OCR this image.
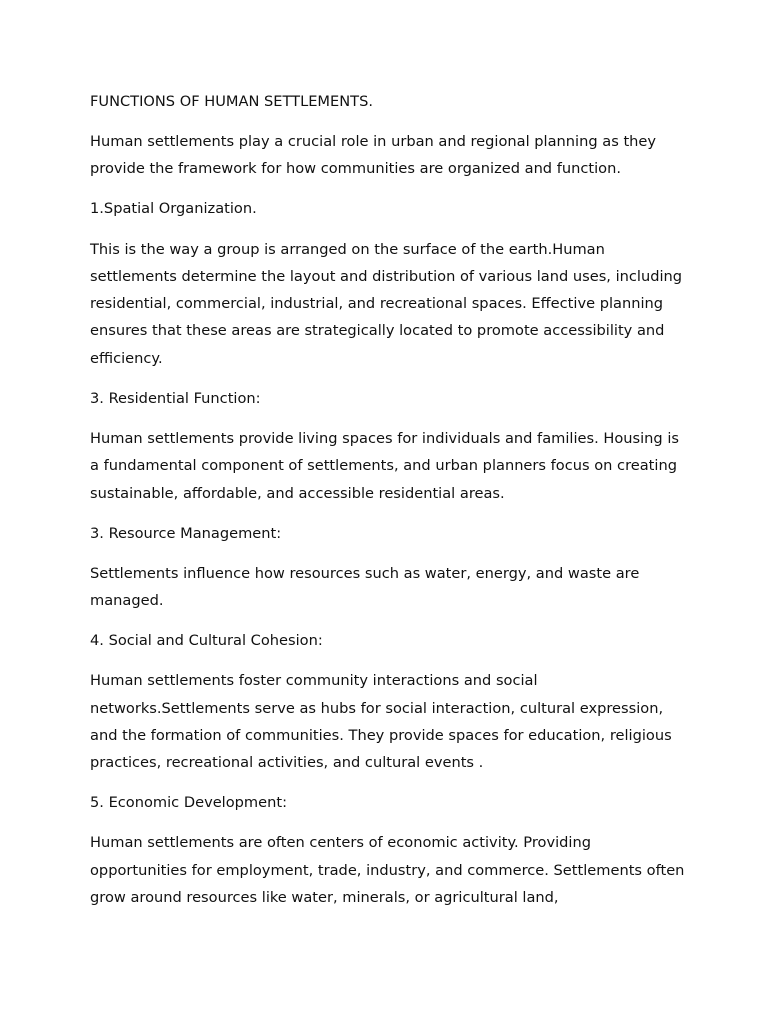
FUNCTIONS OF HUMAN SETTLEMENTS.

Human settlements play a crucial role in urban and regional planning as they provide the framework for how communities are organized and function.

1.Spatial Organization.

This is the way a group is arranged on the surface of the earth.Human settlements determine the layout and distribution of various land uses, including residential, commercial, industrial, and recreational spaces. Effective planning ensures that these areas are strategically located to promote accessibility and efficiency.

3. Residential Function:

Human settlements provide living spaces for individuals and families. Housing is a fundamental component of settlements, and urban planners focus on creating sustainable, affordable, and accessible residential areas.

3. Resource Management:

Settlements influence how resources such as water, energy, and waste are managed.

4. Social and Cultural Cohesion:

Human settlements foster community interactions and social networks.Settlements serve as hubs for social interaction, cultural expression, and the formation of communities. They provide spaces for education, religious practices, recreational activities, and cultural events .

5. Economic Development:

Human settlements are often centers of economic activity. Providing opportunities for employment, trade, industry, and commerce. Settlements often grow around resources like water, minerals, or agricultural land,
